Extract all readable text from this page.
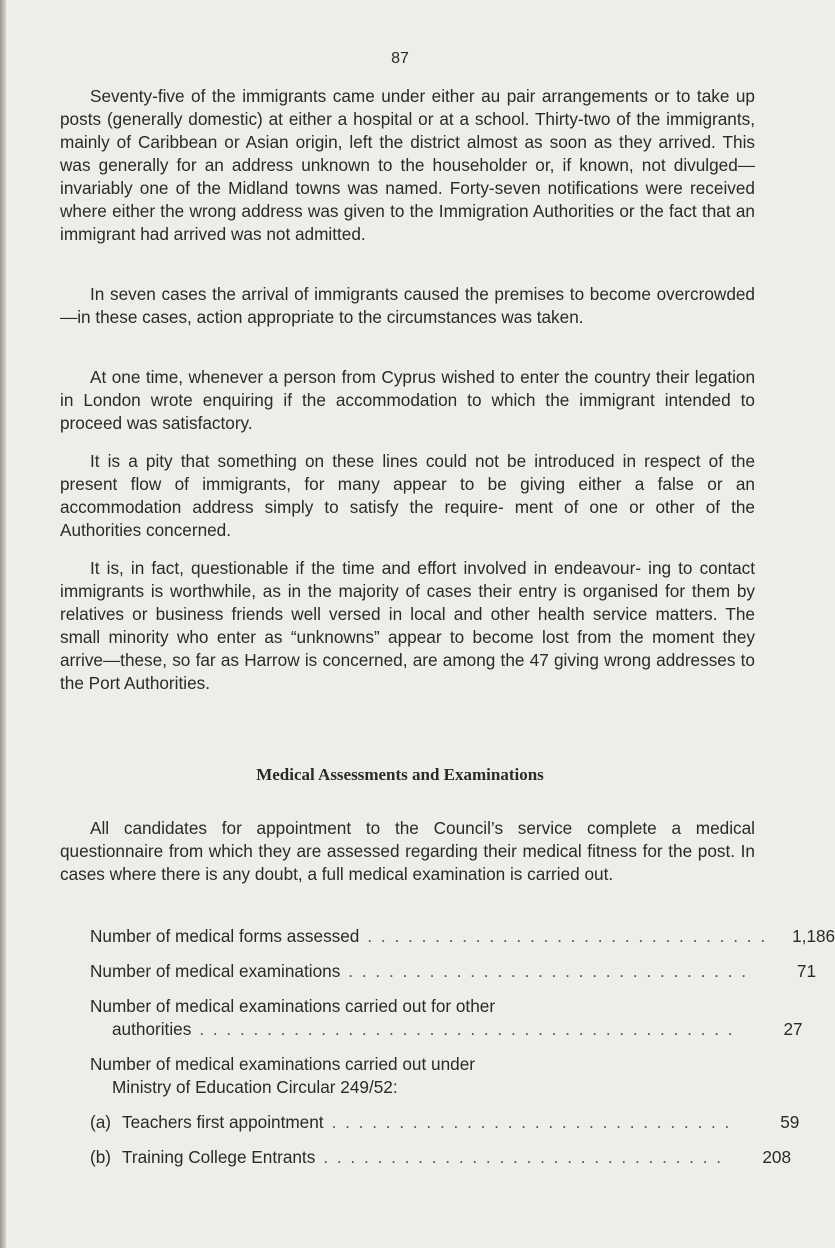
87

Seventy-five of the immigrants came under either au pair arrangements or to take up posts (generally domestic) at either a hospital or at a school. Thirty-two of the immigrants, mainly of Caribbean or Asian origin, left the district almost as soon as they arrived. This was generally for an address unknown to the householder or, if known, not divulged— invariably one of the Midland towns was named. Forty-seven notifications were received where either the wrong address was given to the Immigration Authorities or the fact that an immigrant had arrived was not admitted.

In seven cases the arrival of immigrants caused the premises to become overcrowded—in these cases, action appropriate to the circumstances was taken.

At one time, whenever a person from Cyprus wished to enter the country their legation in London wrote enquiring if the accommodation to which the immigrant intended to proceed was satisfactory.

It is a pity that something on these lines could not be introduced in respect of the present flow of immigrants, for many appear to be giving either a false or an accommodation address simply to satisfy the require- ment of one or other of the Authorities concerned.

It is, in fact, questionable if the time and effort involved in endeavour- ing to contact immigrants is worthwhile, as in the majority of cases their entry is organised for them by relatives or business friends well versed in local and other health service matters. The small minority who enter as “unknowns” appear to become lost from the moment they arrive—these, so far as Harrow is concerned, are among the 47 giving wrong addresses to the Port Authorities.

Medical Assessments and Examinations

All candidates for appointment to the Council’s service complete a medical questionnaire from which they are assessed regarding their medical fitness for the post. In cases where there is any doubt, a full medical examination is carried out.

Number of medical forms assessed . . . . . . . . . . . . . . . . . . . . . . . . . . . . . .	1,186
Number of medical examinations . . . . . . . . . . . . . . . . . . . . . . . . . . . . . .	71
Number of medical examinations carried out for other
authorities . . . . . . . . . . . . . . . . . . . . . . . . . . . . . . . . . . . . . . . .	27
Number of medical examinations carried out under
Ministry of Education Circular 249/52:
(a) Teachers first appointment . . . . . . . . . . . . . . . . . . . . . . . . . . . . . .	59
(b) Training College Entrants . . . . . . . . . . . . . . . . . . . . . . . . . . . . . .	208
